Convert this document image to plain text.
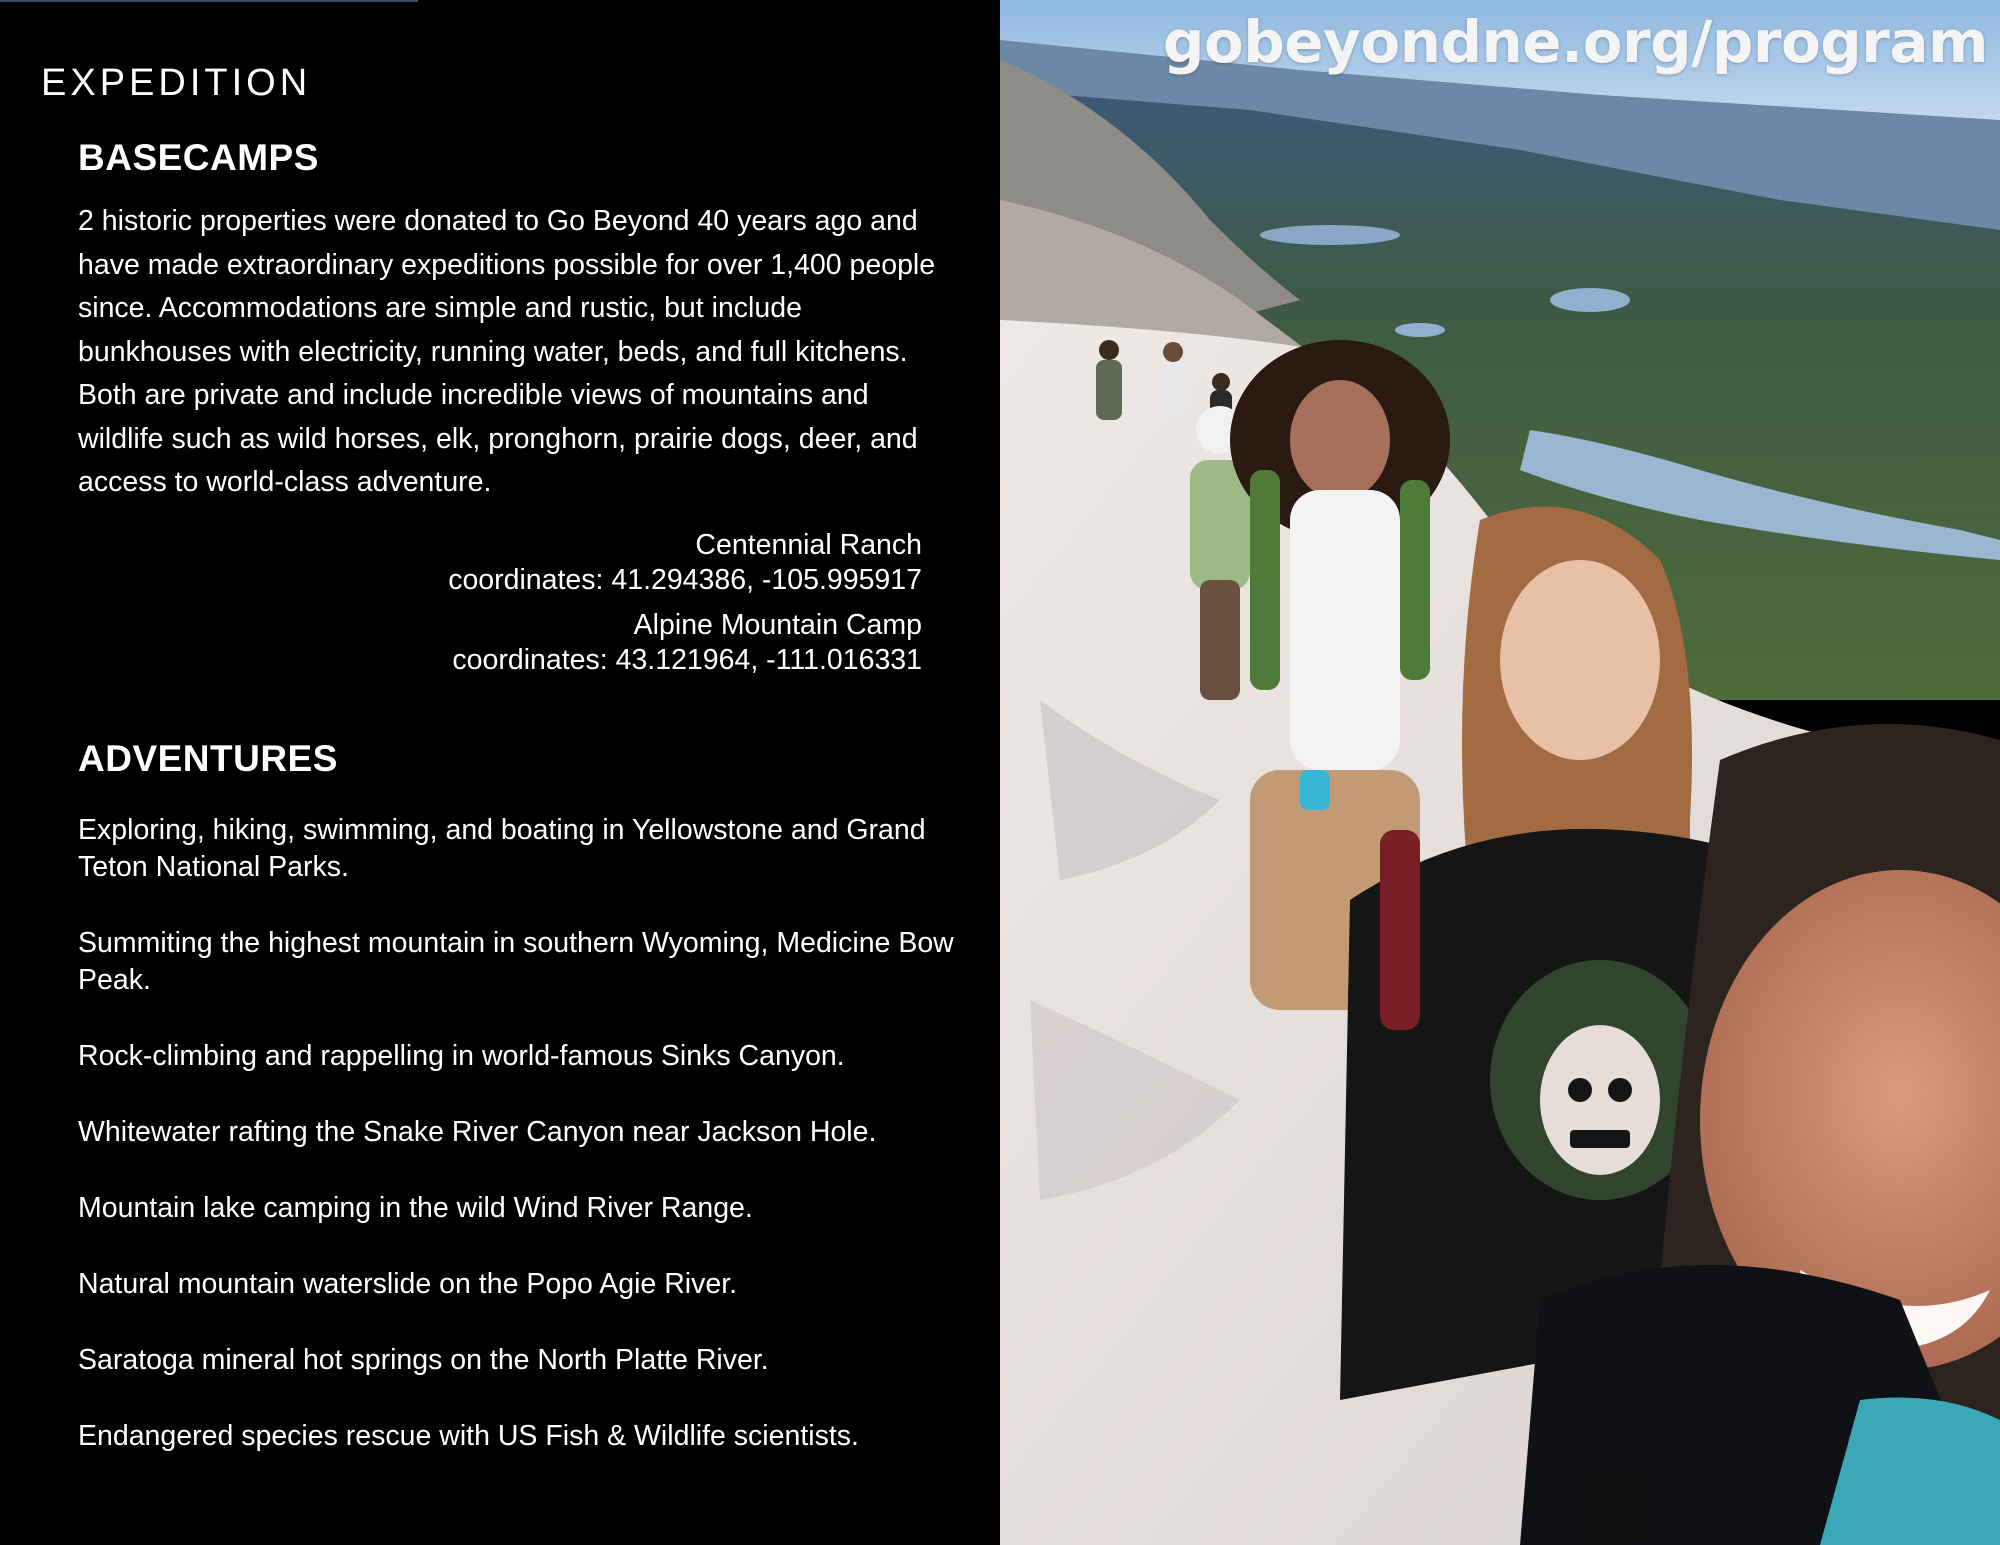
EXPEDITION
BASECAMPS
2 historic properties were donated to Go Beyond 40 years ago and have made extraordinary expeditions possible for over 1,400 people since. Accommodations are simple and rustic, but include bunkhouses with electricity, running water, beds, and full kitchens. Both are private and include incredible views of mountains and wildlife such as wild horses, elk, pronghorn, prairie dogs, deer, and access to world-class adventure.
Centennial Ranch
coordinates: 41.294386, -105.995917
Alpine Mountain Camp
coordinates: 43.121964, -111.016331
ADVENTURES
Exploring, hiking, swimming, and boating in Yellowstone and Grand Teton National Parks.
Summiting the highest mountain in southern Wyoming, Medicine Bow Peak.
Rock-climbing and rappelling in world-famous Sinks Canyon.
Whitewater rafting the Snake River Canyon near Jackson Hole.
Mountain lake camping in the wild Wind River Range.
Natural mountain waterslide on the Popo Agie River.
Saratoga mineral hot springs on the North Platte River.
Endangered species rescue with US Fish & Wildlife scientists.
gobeyondne.org/program
